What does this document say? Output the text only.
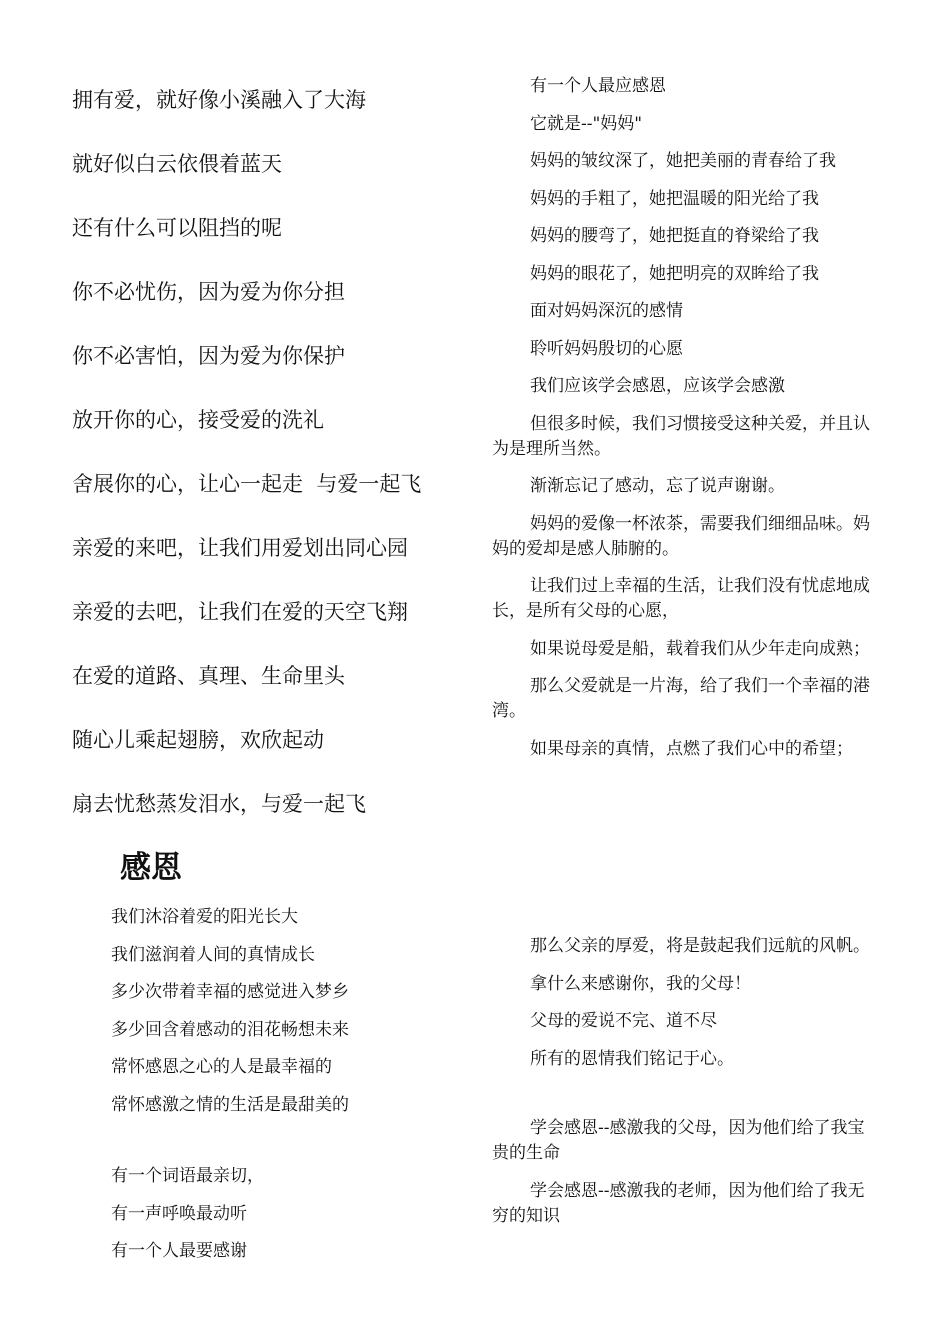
拥有爱，就好像小溪融入了大海
就好似白云依偎着蓝天
还有什么可以阻挡的呢
你不必忧伤，因为爱为你分担
你不必害怕，因为爱为你保护
放开你的心，接受爱的洗礼
舍展你的心，让心一起走  与爱一起飞
亲爱的来吧，让我们用爱划出同心园
亲爱的去吧，让我们在爱的天空飞翔
在爱的道路、真理、生命里头
随心儿乘起翅膀，欢欣起动
扇去忧愁蒸发泪水，与爱一起飞
感恩
我们沐浴着爱的阳光长大
我们滋润着人间的真情成长
多少次带着幸福的感觉进入梦乡
多少回含着感动的泪花畅想未来
常怀感恩之心的人是最幸福的
常怀感激之情的生活是最甜美的
有一个词语最亲切，
有一声呼唤最动听
有一个人最要感谢
有一个人最应感恩
它就是--"妈妈"
妈妈的皱纹深了，她把美丽的青春给了我
妈妈的手粗了，她把温暖的阳光给了我
妈妈的腰弯了，她把挺直的脊梁给了我
妈妈的眼花了，她把明亮的双眸给了我
面对妈妈深沉的感情
聆听妈妈殷切的心愿
我们应该学会感恩，应该学会感激
但很多时候，我们习惯接受这种关爱，并且认为是理所当然。
渐渐忘记了感动，忘了说声谢谢。
妈妈的爱像一杯浓茶，需要我们细细品味。妈妈的爱却是感人肺腑的。
让我们过上幸福的生活，让我们没有忧虑地成长，是所有父母的心愿，
如果说母爱是船，载着我们从少年走向成熟；
那么父爱就是一片海，给了我们一个幸福的港湾。
如果母亲的真情，点燃了我们心中的希望；
那么父亲的厚爱，将是鼓起我们远航的风帆。
拿什么来感谢你，我的父母！
父母的爱说不完、道不尽
所有的恩情我们铭记于心。
学会感恩--感激我的父母，因为他们给了我宝贵的生命
学会感恩--感激我的老师，因为他们给了我无穷的知识
